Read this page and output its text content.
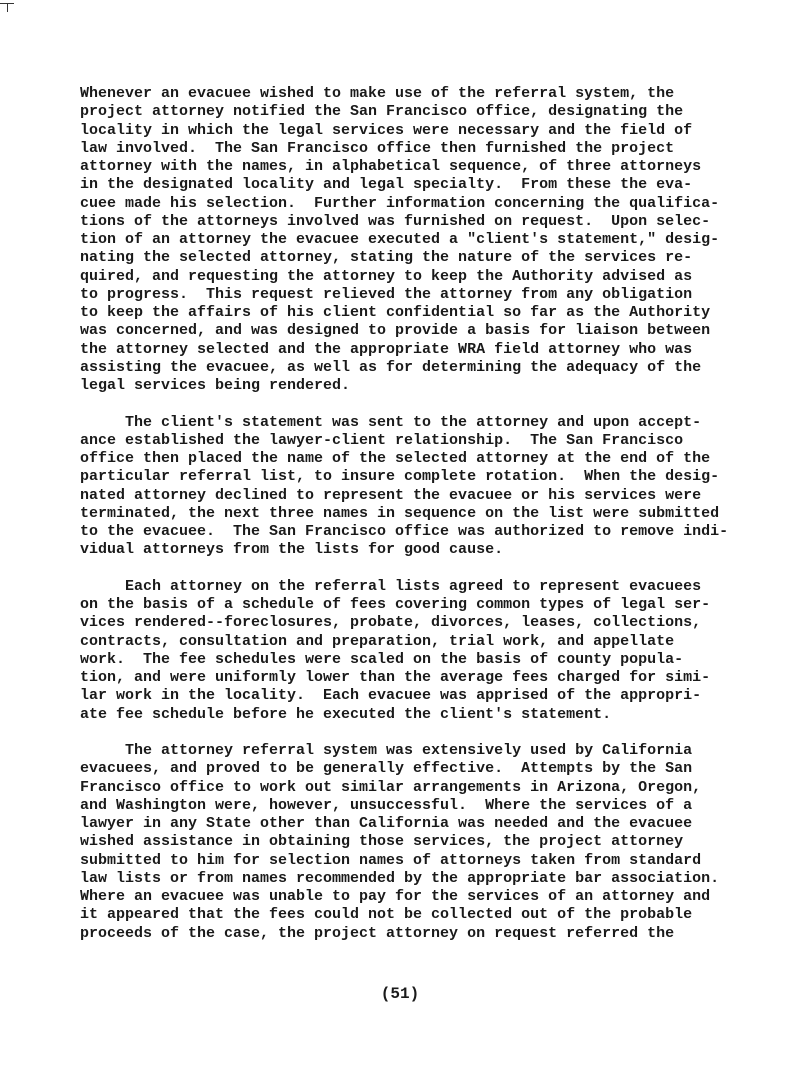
Whenever an evacuee wished to make use of the referral system, the
project attorney notified the San Francisco office, designating the
locality in which the legal services were necessary and the field of
law involved.  The San Francisco office then furnished the project
attorney with the names, in alphabetical sequence, of three attorneys
in the designated locality and legal specialty.  From these the eva-
cuee made his selection.  Further information concerning the qualifica-
tions of the attorneys involved was furnished on request.  Upon selec-
tion of an attorney the evacuee executed a "client's statement," desig-
nating the selected attorney, stating the nature of the services re-
quired, and requesting the attorney to keep the Authority advised as
to progress.  This request relieved the attorney from any obligation
to keep the affairs of his client confidential so far as the Authority
was concerned, and was designed to provide a basis for liaison between
the attorney selected and the appropriate WRA field attorney who was
assisting the evacuee, as well as for determining the adequacy of the
legal services being rendered.
The client's statement was sent to the attorney and upon accept-
ance established the lawyer-client relationship.  The San Francisco
office then placed the name of the selected attorney at the end of the
particular referral list, to insure complete rotation.  When the desig-
nated attorney declined to represent the evacuee or his services were
terminated, the next three names in sequence on the list were submitted
to the evacuee.  The San Francisco office was authorized to remove indi-
vidual attorneys from the lists for good cause.
Each attorney on the referral lists agreed to represent evacuees
on the basis of a schedule of fees covering common types of legal ser-
vices rendered--foreclosures, probate, divorces, leases, collections,
contracts, consultation and preparation, trial work, and appellate
work.  The fee schedules were scaled on the basis of county popula-
tion, and were uniformly lower than the average fees charged for simi-
lar work in the locality.  Each evacuee was apprised of the appropri-
ate fee schedule before he executed the client's statement.
The attorney referral system was extensively used by California
evacuees, and proved to be generally effective.  Attempts by the San
Francisco office to work out similar arrangements in Arizona, Oregon,
and Washington were, however, unsuccessful.  Where the services of a
lawyer in any State other than California was needed and the evacuee
wished assistance in obtaining those services, the project attorney
submitted to him for selection names of attorneys taken from standard
law lists or from names recommended by the appropriate bar association.
Where an evacuee was unable to pay for the services of an attorney and
it appeared that the fees could not be collected out of the probable
proceeds of the case, the project attorney on request referred the
(51)
